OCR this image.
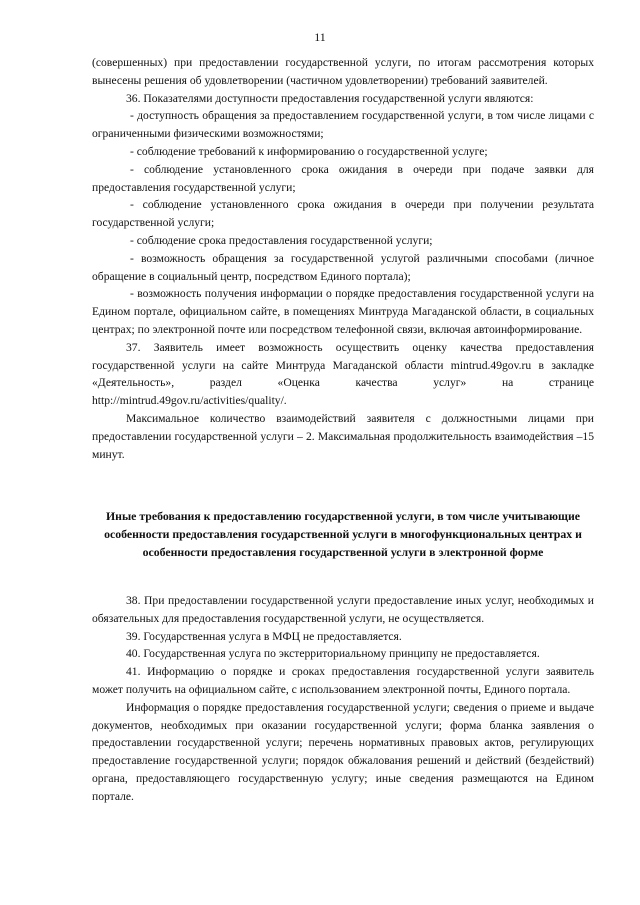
11

(совершенных) при предоставлении государственной услуги, по итогам рассмотрения которых вынесены решения об удовлетворении (частичном удовлетворении) требований заявителей.

36. Показателями доступности предоставления государственной услуги являются:

- доступность обращения за предоставлением государственной услуги, в том числе лицами с ограниченными физическими возможностями;

- соблюдение требований к информированию о государственной услуге;

- соблюдение установленного срока ожидания в очереди при подаче заявки для предоставления государственной услуги;

- соблюдение установленного срока ожидания в очереди при получении результата государственной услуги;

- соблюдение срока предоставления государственной услуги;

- возможность обращения за государственной услугой различными способами (личное обращение в социальный центр, посредством Единого портала);

- возможность получения информации о порядке предоставления государственной услуги на Едином портале, официальном сайте, в помещениях Минтруда Магаданской области, в социальных центрах; по электронной почте или посредством телефонной связи, включая автоинформирование.

37. Заявитель имеет возможность осуществить оценку качества предоставления государственной услуги на сайте Минтруда Магаданской области mintrud.49gov.ru в закладке «Деятельность», раздел «Оценка качества услуг» на странице http://mintrud.49gov.ru/activities/quality/.

Максимальное количество взаимодействий заявителя с должностными лицами при предоставлении государственной услуги – 2. Максимальная продолжительность взаимодействия –15 минут.

Иные требования к предоставлению государственной услуги, в том числе учитывающие особенности предоставления государственной услуги в многофункциональных центрах и особенности предоставления государственной услуги в электронной форме

38. При предоставлении государственной услуги предоставление иных услуг, необходимых и обязательных для предоставления государственной услуги, не осуществляется.

39. Государственная услуга в МФЦ не предоставляется.

40. Государственная услуга по экстерриториальному принципу не предоставляется.

41. Информацию о порядке и сроках предоставления государственной услуги заявитель может получить на официальном сайте, с использованием электронной почты, Единого портала.

Информация о порядке предоставления государственной услуги; сведения о приеме и выдаче документов, необходимых при оказании государственной услуги; форма бланка заявления о предоставлении государственной услуги; перечень нормативных правовых актов, регулирующих предоставление государственной услуги; порядок обжалования решений и действий (бездействий) органа, предоставляющего государственную услугу; иные сведения размещаются на Едином портале.
